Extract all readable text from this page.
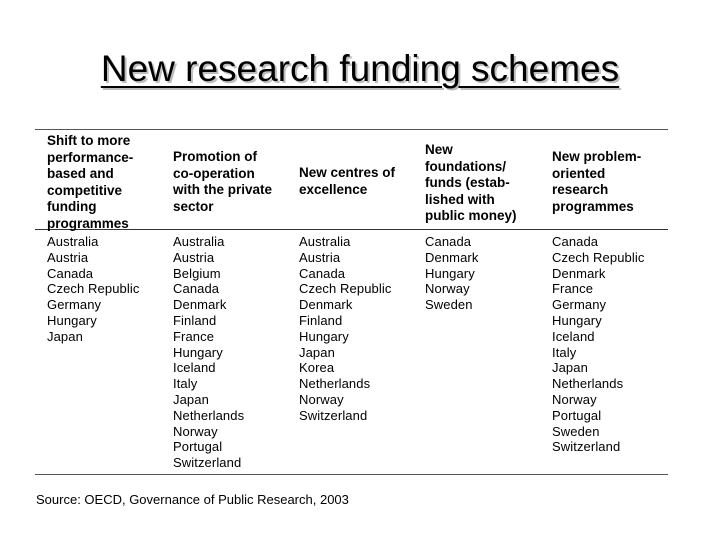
New research funding schemes
Shift to more
performance-
based and
competitive
funding
programmes
Australia
Austria
Canada
Czech Republic
Germany
Hungary
Japan
Promotion of
co-operation
with the private
sector
Australia
Austria
Belgium
Canada
Denmark
Finland
France
Hungary
Iceland
Italy
Japan
Netherlands
Norway
Portugal
Switzerland
New centres of
excellence
Australia
Austria
Canada
Czech Republic
Denmark
Finland
Hungary
Japan
Korea
Netherlands
Norway
Switzerland
New
foundations/
funds (estab-
lished with
public money)
Canada
Denmark
Hungary
Norway
Sweden
New problem-
oriented
research
programmes
Canada
Czech Republic
Denmark
France
Germany
Hungary
Iceland
Italy
Japan
Netherlands
Norway
Portugal
Sweden
Switzerland
Source: OECD, Governance of Public Research, 2003
